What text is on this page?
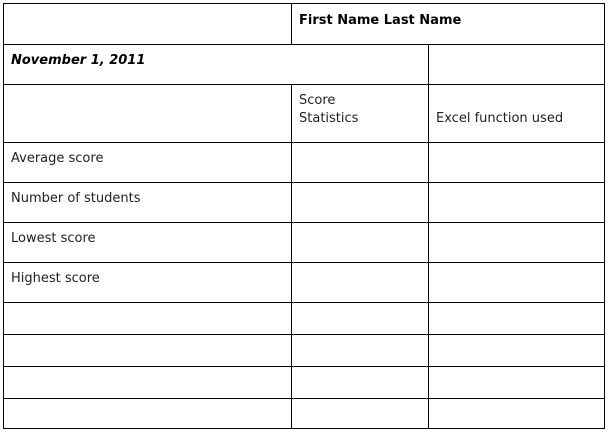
First Name Last Name
November 1, 2011
Score
Statistics	Excel function used
Average score
Number of students
Lowest score
Highest score
